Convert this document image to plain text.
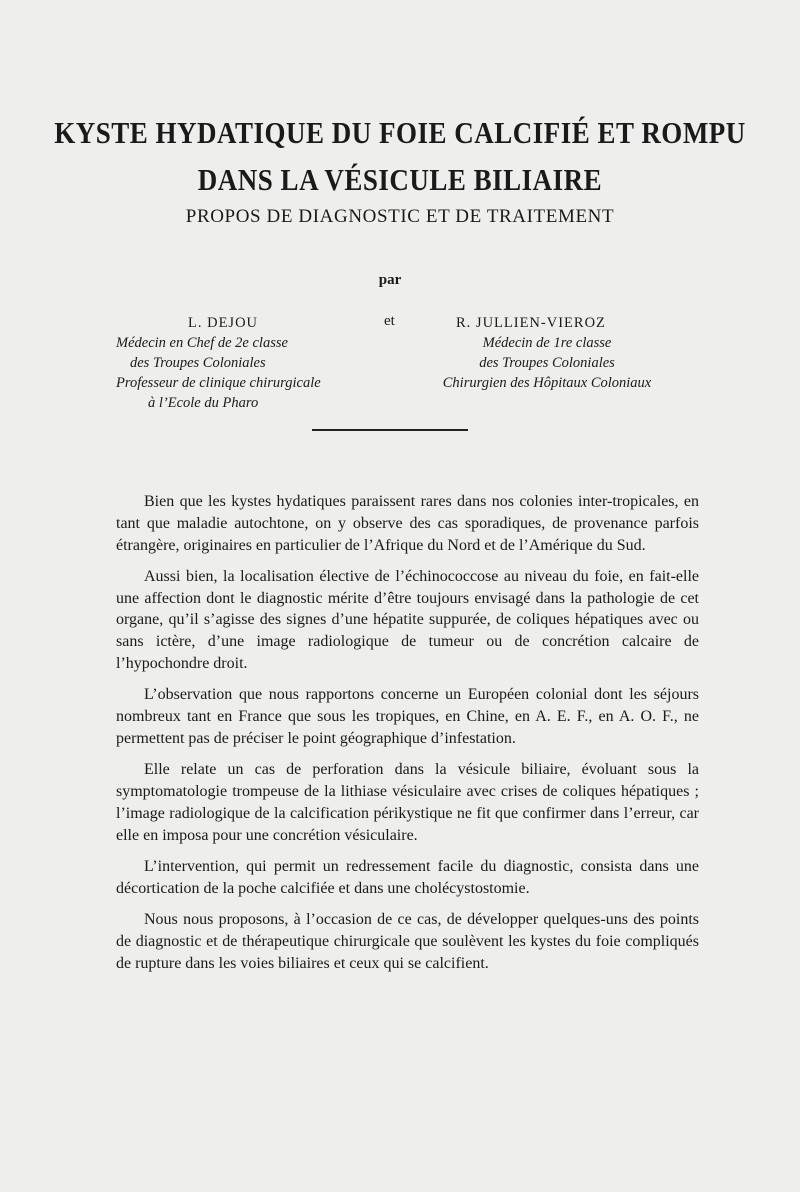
KYSTE HYDATIQUE DU FOIE CALCIFIÉ ET ROMPU
DANS LA VÉSICULE BILIAIRE
PROPOS DE DIAGNOSTIC ET DE TRAITEMENT
par
L. DEJOU
Médecin en Chef de 2e classe
des Troupes Coloniales
Professeur de clinique chirurgicale
à l’Ecole du Pharo
et	R. JULLIEN-VIEROZ
Médecin de 1re classe
des Troupes Coloniales
Chirurgien des Hôpitaux Coloniaux

Bien que les kystes hydatiques paraissent rares dans nos colonies inter-tropicales, en tant que maladie autochtone, on y observe des cas sporadiques, de provenance parfois étrangère, originaires en particulier de l’Afrique du Nord et de l’Amérique du Sud.

Aussi bien, la localisation élective de l’échinococcose au niveau du foie, en fait-elle une affection dont le diagnostic mérite d’être toujours envisagé dans la pathologie de cet organe, qu’il s’agisse des signes d’une hépatite suppurée, de coliques hépatiques avec ou sans ictère, d’une image radiologique de tumeur ou de concrétion calcaire de l’hypochondre droit.

L’observation que nous rapportons concerne un Européen colonial dont les séjours nombreux tant en France que sous les tropiques, en Chine, en A. E. F., en A. O. F., ne permettent pas de préciser le point géographique d’infestation.

Elle relate un cas de perforation dans la vésicule biliaire, évoluant sous la symptomatologie trompeuse de la lithiase vésiculaire avec crises de coliques hépatiques ; l’image radiologique de la calcification périkystique ne fit que confirmer dans l’erreur, car elle en imposa pour une concrétion vésiculaire.

L’intervention, qui permit un redressement facile du diagnostic, consista dans une décortication de la poche calcifiée et dans une cholécystostomie.

Nous nous proposons, à l’occasion de ce cas, de développer quelques-uns des points de diagnostic et de thérapeutique chirurgicale que soulèvent les kystes du foie compliqués de rupture dans les voies biliaires et ceux qui se calcifient.
